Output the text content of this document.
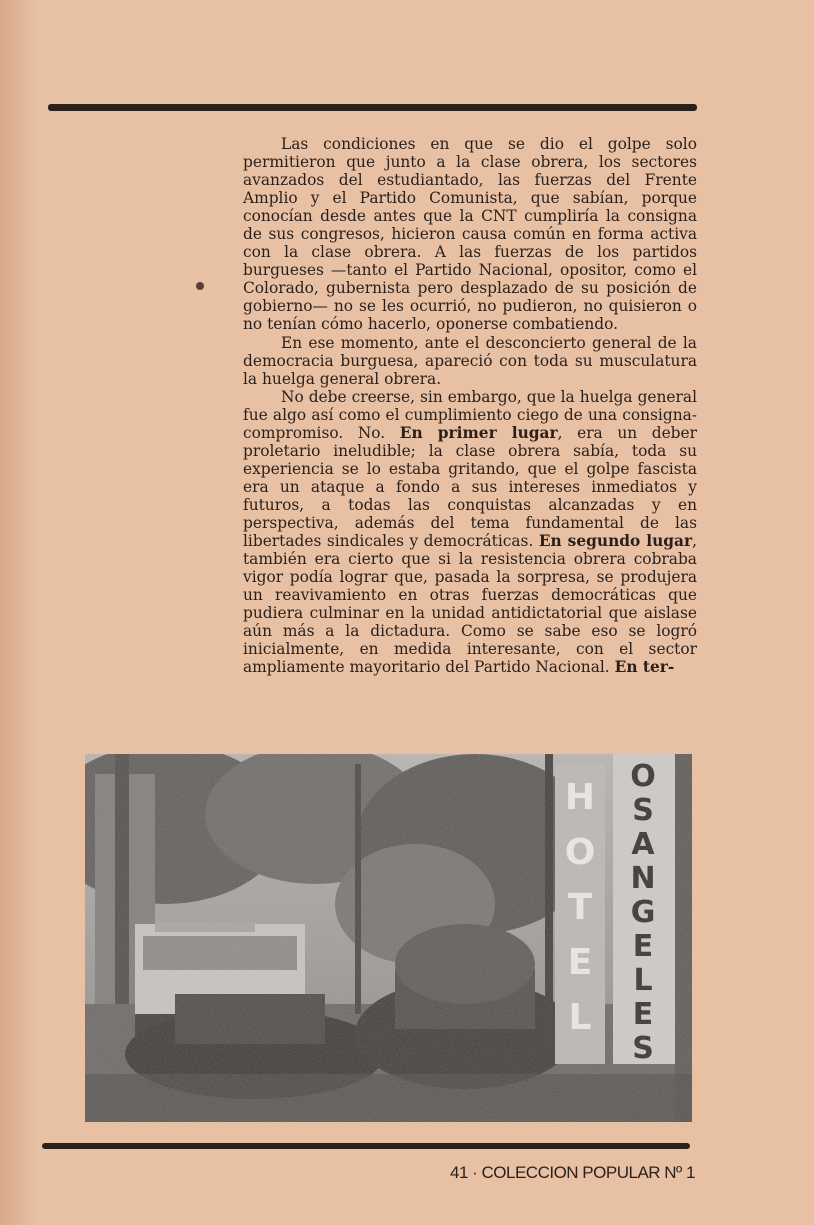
Las condiciones en que se dio el golpe solo permitieron que junto a la clase obrera, los sectores avanzados del estudiantado, las fuerzas del Frente Amplio y el Partido Comunista, que sabían, porque conocían desde antes que la CNT cumpliría la consigna de sus congresos, hicieron causa común en forma activa con la clase obrera. A las fuerzas de los partidos burgueses —tanto el Partido Nacional, opositor, como el Colorado, gubernista pero desplazado de su posición de gobierno— no se les ocurrió, no pudieron, no quisieron o no tenían cómo hacerlo, oponerse combatiendo.

En ese momento, ante el desconcierto general de la democracia burguesa, apareció con toda su musculatura la huelga general obrera.

No debe creerse, sin embargo, que la huelga general fue algo así como el cumplimiento ciego de una consigna-compromiso. No. En primer lugar, era un deber proletario ineludible; la clase obrera sabía, toda su experiencia se lo estaba gritando, que el golpe fascista era un ataque a fondo a sus intereses inmediatos y futuros, a todas las conquistas alcanzadas y en perspectiva, además del tema fundamental de las libertades sindicales y democráticas. En segundo lugar, también era cierto que si la resistencia obrera cobraba vigor podía lograr que, pasada la sorpresa, se produjera un reavivamiento en otras fuerzas democráticas que pudiera culminar en la unidad antidictatorial que aislase aún más a la dictadura. Como se sabe eso se logró inicialmente, en medida interesante, con el sector ampliamente mayoritario del Partido Nacional. En ter-

41 · COLECCION POPULAR Nº 1
